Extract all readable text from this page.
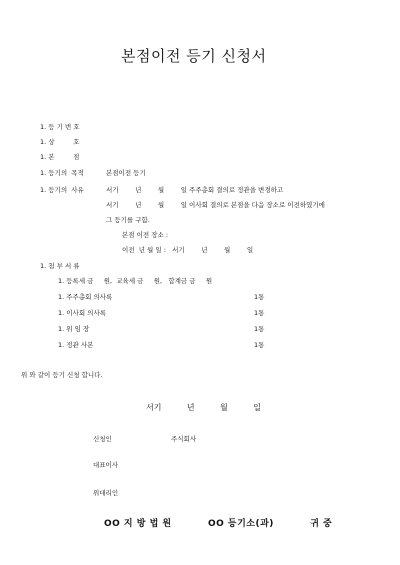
본점이전 등기 신청서
1. 등 기 번 호
1. 상         호
1. 본         점
1. 등기의  목적	본점이전 등기
1. 등기의  사유	서기        년        월        일 주주총회 결의로 정관을 변경하고
서기        년        월        일 이사회 결의로 본점을 다음 장소로 이전하였기에
그 등기를 구함.
본점 이전 장소 :
이전  년 월 일 :   서기        년        월        일
1. 첨 부 서 류
1. 등록세 금     원,  교육세 금     원,   합계금 금     원
1. 주주총회 의사록	1통
1. 이사회 의사록	1통
1. 위 임 장	1통
1. 정관 사본	1통
위 와 같이 등기 신청 합니다.
서기          년          월          일
신청인	주식회사
대표이사
위대리인
OO 지 방 법 원          OO 등기소(과)          귀 중
